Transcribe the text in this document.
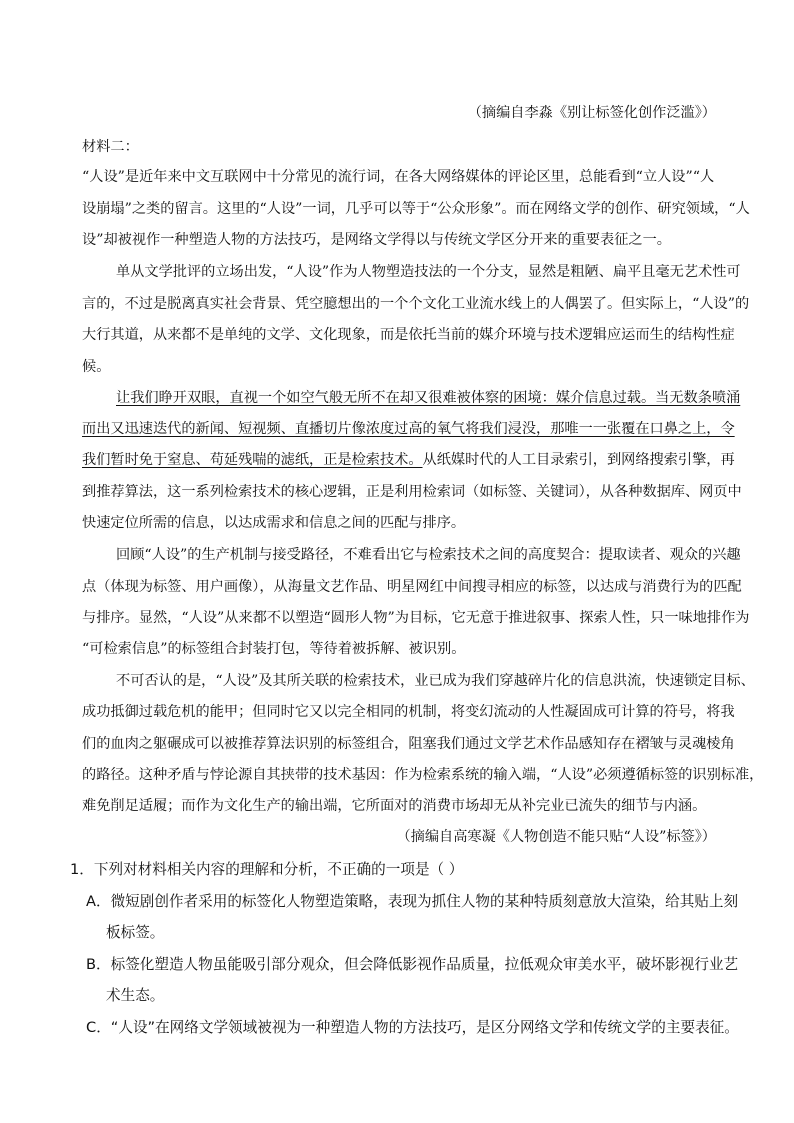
（摘编自李淼《别让标签化创作泛滥》）
材料二：
“人设”是近年来中文互联网中十分常见的流行词，在各大网络媒体的评论区里，总能看到“立人设”“人
设崩塌”之类的留言。这里的“人设”一词，几乎可以等于“公众形象”。而在网络文学的创作、研究领域，“人
设”却被视作一种塑造人物的方法技巧，是网络文学得以与传统文学区分开来的重要表征之一。
单从文学批评的立场出发，“人设”作为人物塑造技法的一个分支，显然是粗陋、扁平且毫无艺术性可
言的，不过是脱离真实社会背景、凭空臆想出的一个个文化工业流水线上的人偶罢了。但实际上，“人设”的
大行其道，从来都不是单纯的文学、文化现象，而是依托当前的媒介环境与技术逻辑应运而生的结构性症
候。
让我们睁开双眼，直视一个如空气般无所不在却又很难被体察的困境：媒介信息过载。当无数条喷涌
而出又迅速迭代的新闻、短视频、直播切片像浓度过高的氧气将我们浸没，那唯一一张覆在口鼻之上，令
我们暂时免于窒息、苟延残喘的滤纸，正是检索技术。从纸媒时代的人工目录索引，到网络搜索引擎，再
到推荐算法，这一系列检索技术的核心逻辑，正是利用检索词（如标签、关键词），从各种数据库、网页中
快速定位所需的信息，以达成需求和信息之间的匹配与排序。
回顾“人设”的生产机制与接受路径，不难看出它与检索技术之间的高度契合：提取读者、观众的兴趣
点（体现为标签、用户画像），从海量文艺作品、明星网红中间搜寻相应的标签，以达成与消费行为的匹配
与排序。显然，“人设”从来都不以塑造“圆形人物”为目标，它无意于推进叙事、探索人性，只一味地排作为
“可检索信息”的标签组合封装打包，等待着被拆解、被识别。
不可否认的是，“人设”及其所关联的检索技术，业已成为我们穿越碎片化的信息洪流，快速锁定目标、
成功抵御过载危机的能甲；但同时它又以完全相同的机制，将变幻流动的人性凝固成可计算的符号，将我
们的血肉之躯碾成可以被推荐算法识别的标签组合，阻塞我们通过文学艺术作品感知存在褶皱与灵魂棱角
的路径。这种矛盾与悖论源自其挟带的技术基因：作为检索系统的输入端，“人设”必须遵循标签的识别标准，
难免削足适履；而作为文化生产的输出端，它所面对的消费市场却无从补完业已流失的细节与内涵。
（摘编自高寒凝《人物创造不能只贴“人设”标签》）
1．下列对材料相关内容的理解和分析，不正确的一项是（ ）
A．微短剧创作者采用的标签化人物塑造策略，表现为抓住人物的某种特质刻意放大渲染，给其贴上刻
板标签。
B．标签化塑造人物虽能吸引部分观众，但会降低影视作品质量，拉低观众审美水平，破坏影视行业艺
术生态。
C．“人设”在网络文学领域被视为一种塑造人物的方法技巧，是区分网络文学和传统文学的主要表征。
